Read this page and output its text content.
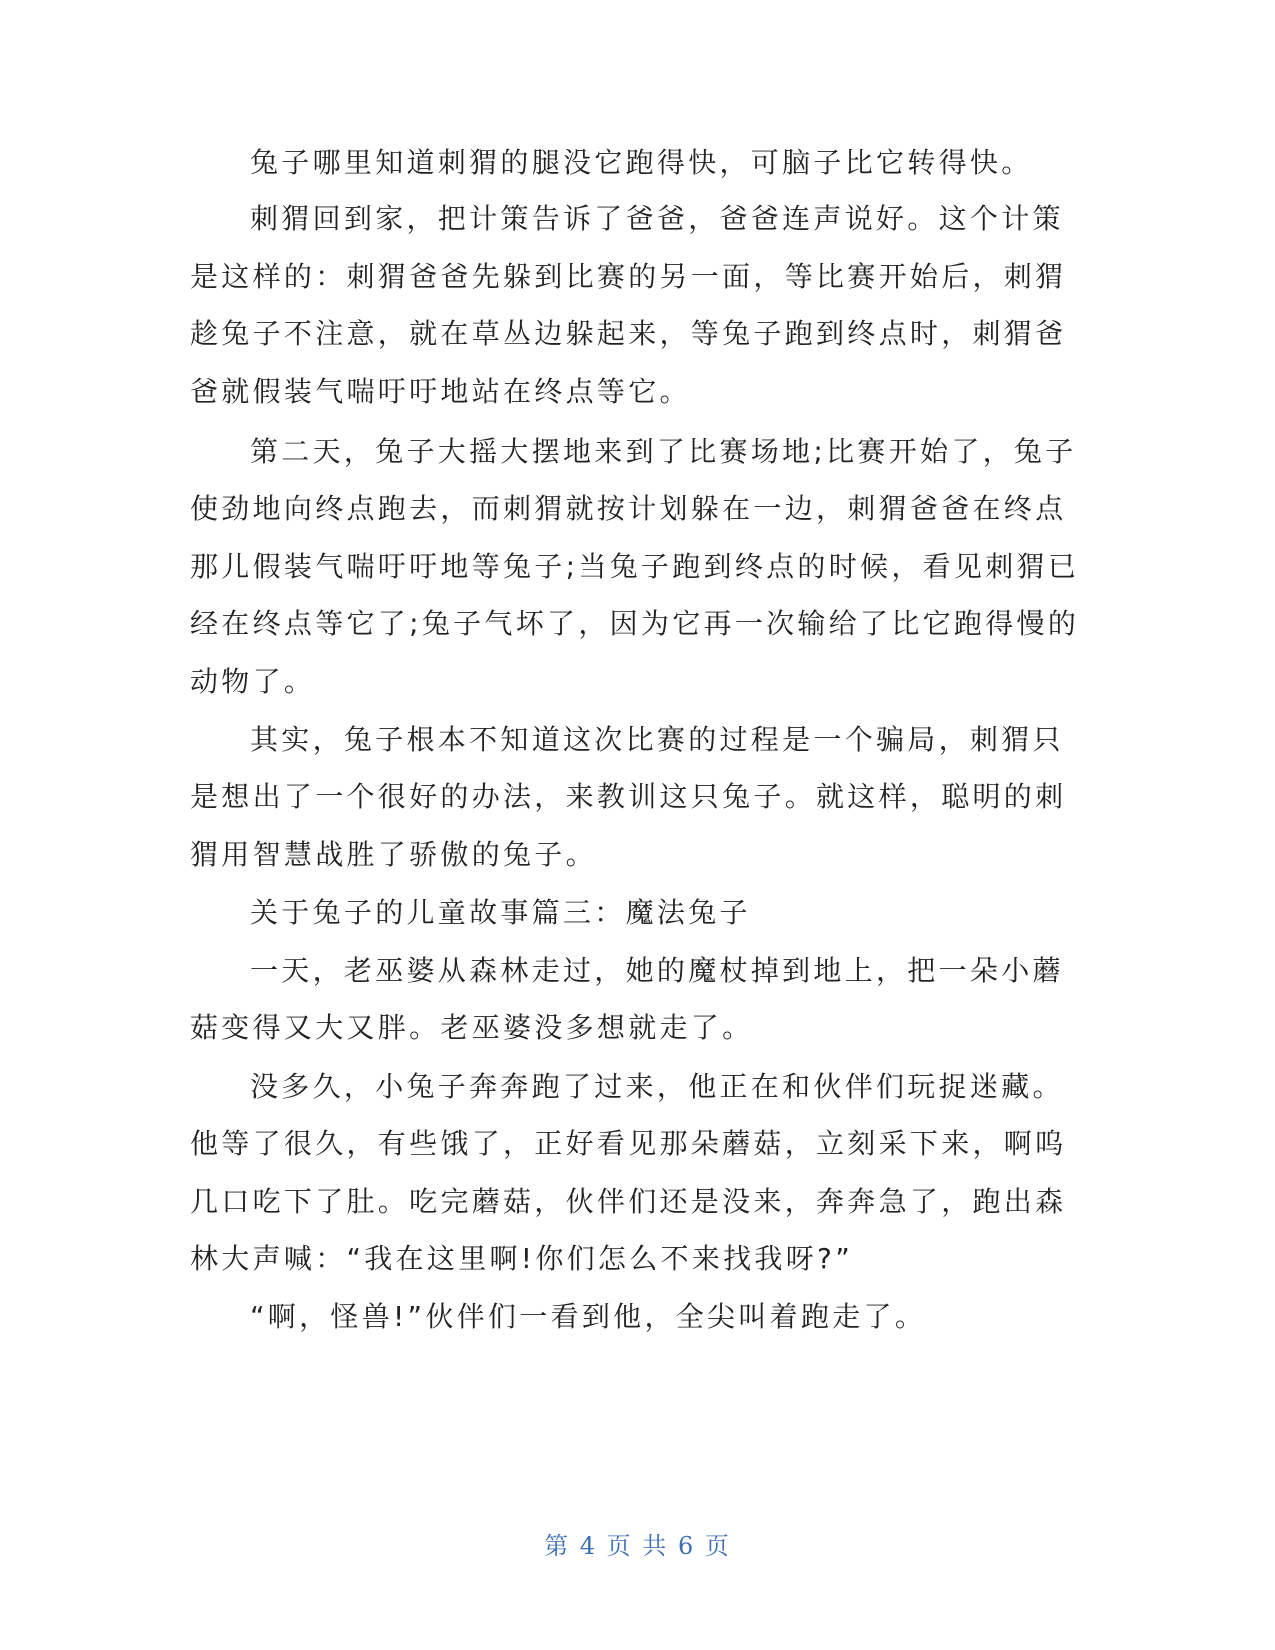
兔子哪里知道刺猬的腿没它跑得快，可脑子比它转得快。
刺猬回到家，把计策告诉了爸爸，爸爸连声说好。这个计策
是这样的：刺猬爸爸先躲到比赛的另一面，等比赛开始后，刺猬
趁兔子不注意，就在草丛边躲起来，等兔子跑到终点时，刺猬爸
爸就假装气喘吁吁地站在终点等它。
第二天，兔子大摇大摆地来到了比赛场地;比赛开始了，兔子
使劲地向终点跑去，而刺猬就按计划躲在一边，刺猬爸爸在终点
那儿假装气喘吁吁地等兔子;当兔子跑到终点的时候，看见刺猬已
经在终点等它了;兔子气坏了，因为它再一次输给了比它跑得慢的
动物了。
其实，兔子根本不知道这次比赛的过程是一个骗局，刺猬只
是想出了一个很好的办法，来教训这只兔子。就这样，聪明的刺
猬用智慧战胜了骄傲的兔子。
关于兔子的儿童故事篇三：魔法兔子
一天，老巫婆从森林走过，她的魔杖掉到地上，把一朵小蘑
菇变得又大又胖。老巫婆没多想就走了。
没多久，小兔子奔奔跑了过来，他正在和伙伴们玩捉迷藏。
他等了很久，有些饿了，正好看见那朵蘑菇，立刻采下来，啊呜
几口吃下了肚。吃完蘑菇，伙伴们还是没来，奔奔急了，跑出森
林大声喊：“我在这里啊!你们怎么不来找我呀?”
“啊，怪兽!”伙伴们一看到他，全尖叫着跑走了。
第 4 页 共 6 页
